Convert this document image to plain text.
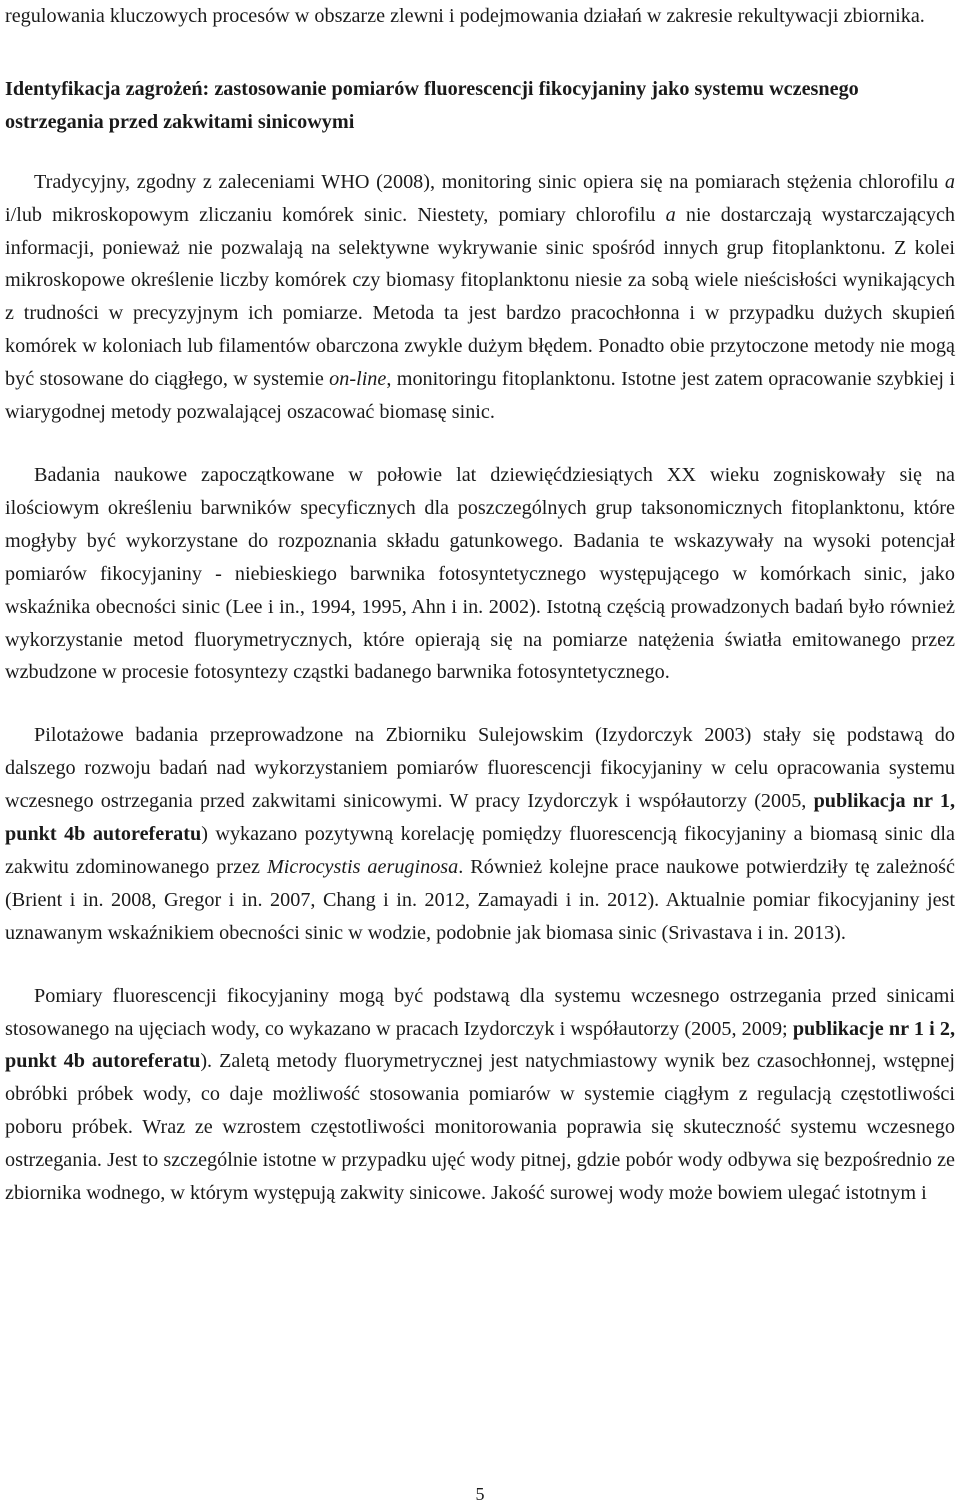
regulowania kluczowych procesów w obszarze zlewni i podejmowania działań w zakresie rekultywacji zbiornika.

Identyfikacja zagrożeń: zastosowanie pomiarów fluorescencji fikocyjaniny jako systemu wczesnego ostrzegania przed zakwitami sinicowymi

Tradycyjny, zgodny z zaleceniami WHO (2008), monitoring sinic opiera się na pomiarach stężenia chlorofilu a i/lub mikroskopowym zliczaniu komórek sinic. Niestety, pomiary chlorofilu a nie dostarczają wystarczających informacji, ponieważ nie pozwalają na selektywne wykrywanie sinic spośród innych grup fitoplanktonu. Z kolei mikroskopowe określenie liczby komórek czy biomasy fitoplanktonu niesie za sobą wiele nieścisłości wynikających z trudności w precyzyjnym ich pomiarze. Metoda ta jest bardzo pracochłonna i w przypadku dużych skupień komórek w koloniach lub filamentów obarczona zwykle dużym błędem. Ponadto obie przytoczone metody nie mogą być stosowane do ciągłego, w systemie on-line, monitoringu fitoplanktonu. Istotne jest zatem opracowanie szybkiej i wiarygodnej metody pozwalającej oszacować biomasę sinic.

Badania naukowe zapoczątkowane w połowie lat dziewięćdziesiątych XX wieku zogniskowały się na ilościowym określeniu barwników specyficznych dla poszczególnych grup taksonomicznych fitoplanktonu, które mogłyby być wykorzystane do rozpoznania składu gatunkowego. Badania te wskazywały na wysoki potencjał pomiarów fikocyjaniny - niebieskiego barwnika fotosyntetycznego występującego w komórkach sinic, jako wskaźnika obecności sinic (Lee i in., 1994, 1995, Ahn i in. 2002). Istotną częścią prowadzonych badań było również wykorzystanie metod fluorymetrycznych, które opierają się na pomiarze natężenia światła emitowanego przez wzbudzone w procesie fotosyntezy cząstki badanego barwnika fotosyntetycznego.

Pilotażowe badania przeprowadzone na Zbiorniku Sulejowskim (Izydorczyk 2003) stały się podstawą do dalszego rozwoju badań nad wykorzystaniem pomiarów fluorescencji fikocyjaniny w celu opracowania systemu wczesnego ostrzegania przed zakwitami sinicowymi. W pracy Izydorczyk i współautorzy (2005, publikacja nr 1, punkt 4b autoreferatu) wykazano pozytywną korelację pomiędzy fluorescencją fikocyjaniny a biomasą sinic dla zakwitu zdominowanego przez Microcystis aeruginosa. Również kolejne prace naukowe potwierdziły tę zależność (Brient i in. 2008, Gregor i in. 2007, Chang i in. 2012, Zamayadi i in. 2012). Aktualnie pomiar fikocyjaniny jest uznawanym wskaźnikiem obecności sinic w wodzie, podobnie jak biomasa sinic (Srivastava i in. 2013).

Pomiary fluorescencji fikocyjaniny mogą być podstawą dla systemu wczesnego ostrzegania przed sinicami stosowanego na ujęciach wody, co wykazano w pracach Izydorczyk i współautorzy (2005, 2009; publikacje nr 1 i 2, punkt 4b autoreferatu). Zaletą metody fluorymetrycznej jest natychmiastowy wynik bez czasochłonnej, wstępnej obróbki próbek wody, co daje możliwość stosowania pomiarów w systemie ciągłym z regulacją częstotliwości poboru próbek. Wraz ze wzrostem częstotliwości monitorowania poprawia się skuteczność systemu wczesnego ostrzegania. Jest to szczególnie istotne w przypadku ujęć wody pitnej, gdzie pobór wody odbywa się bezpośrednio ze zbiornika wodnego, w którym występują zakwity sinicowe. Jakość surowej wody może bowiem ulegać istotnym i

5
